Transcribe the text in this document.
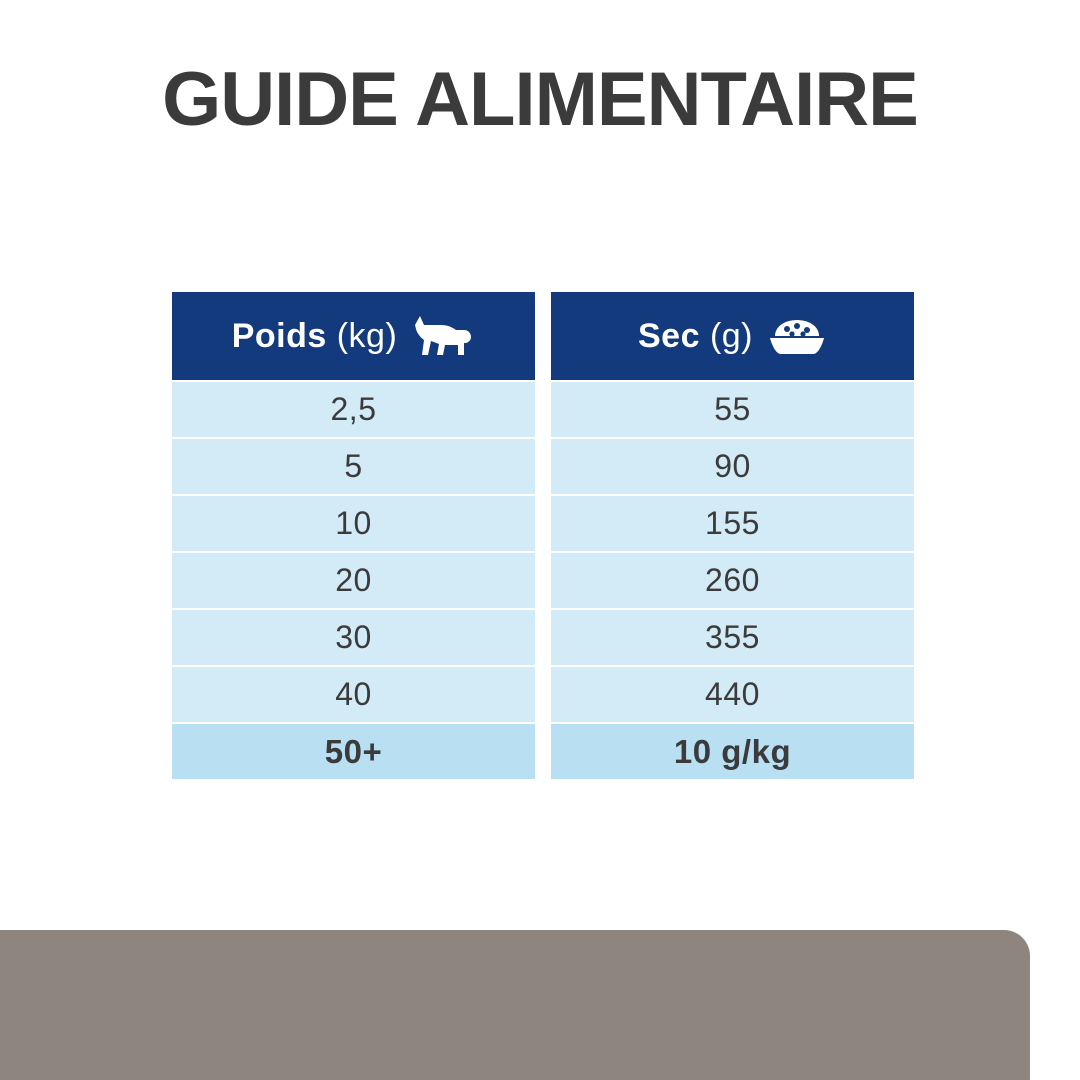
GUIDE ALIMENTAIRE
Poids (kg)
2,5
5
10
20
30
40
50+
Sec (g)
55
90
155
260
355
440
10 g/kg
